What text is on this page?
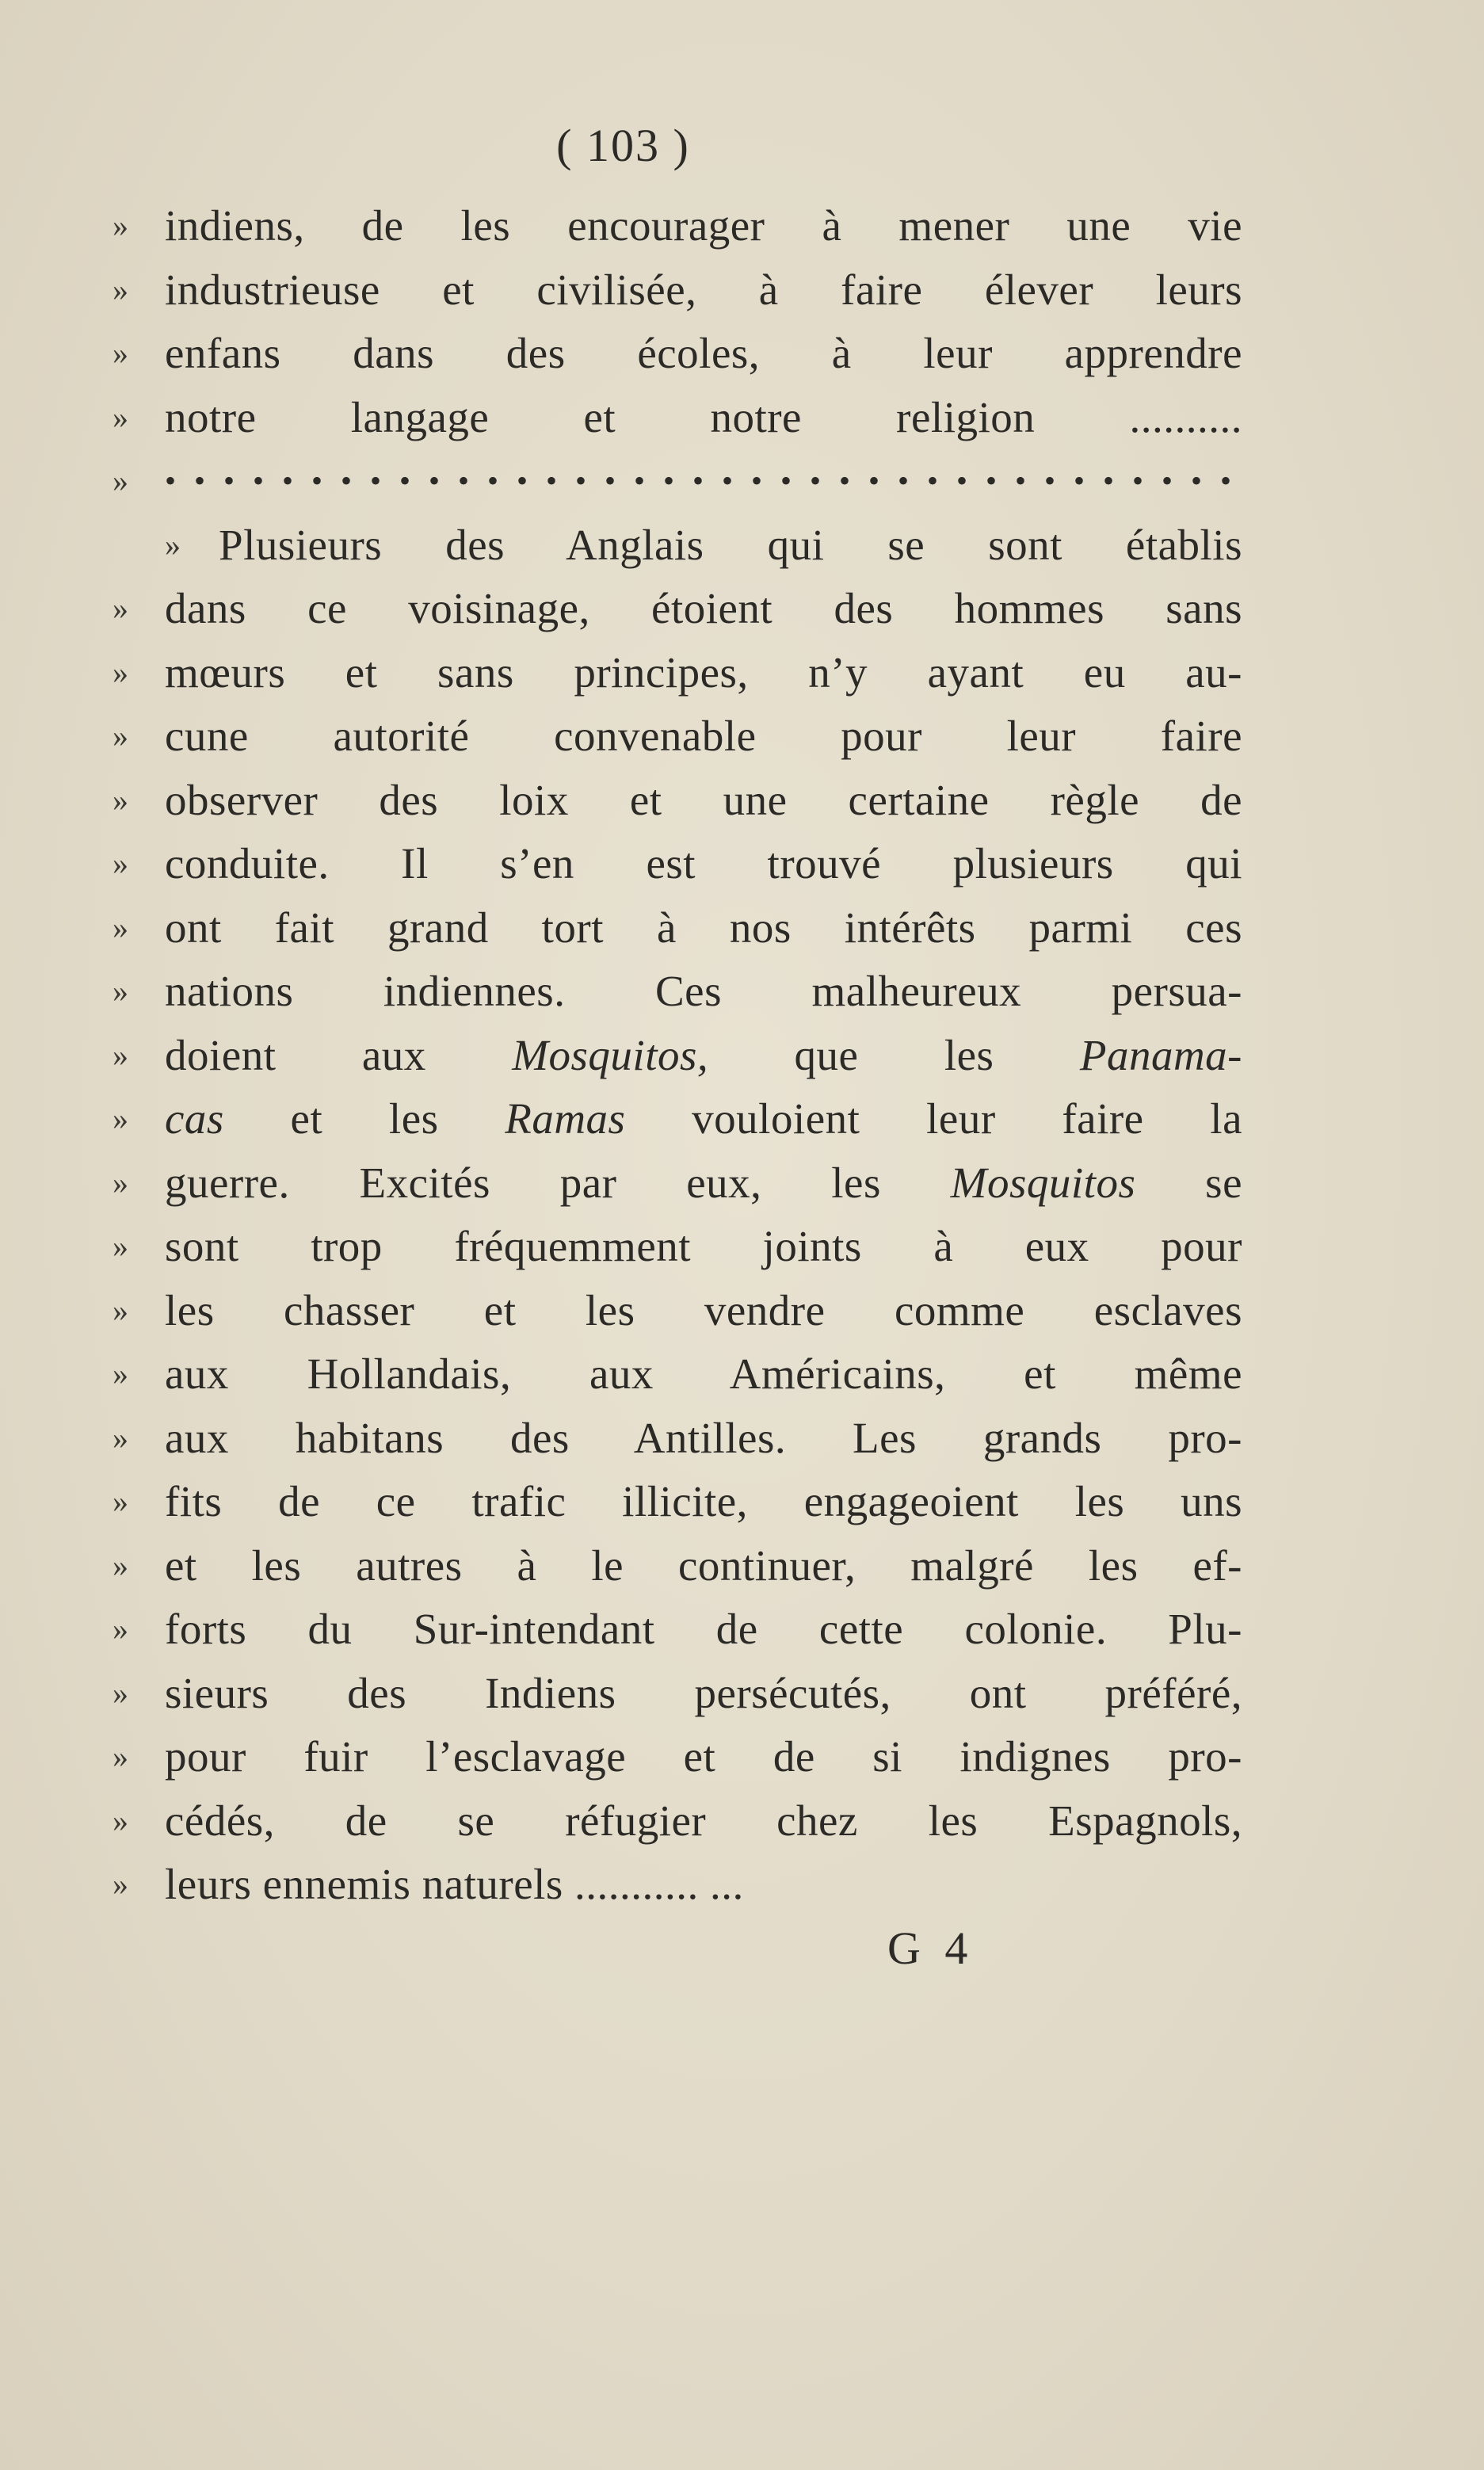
( 103 )
» indiens, de les encourager à mener une vie
» industrieuse et civilisée, à faire élever leurs
» enfans dans des écoles, à leur apprendre
» notre langage et notre religion ..........
»	• • • • • • • • • • • • • • • • • • • • • • • • • • • • • • • • • • • • •
» Plusieurs des Anglais qui se sont établis
» dans ce voisinage, étoient des hommes sans
» mœurs et sans principes, n’y ayant eu au-
» cune autorité convenable pour leur faire
» observer des loix et une certaine règle de
» conduite. Il s’en est trouvé plusieurs qui
» ont fait grand tort à nos intérêts parmi ces
» nations indiennes. Ces malheureux persua-
» doient aux Mosquitos, que les Panama-
» cas et les Ramas vouloient leur faire la
» guerre. Excités par eux, les Mosquitos se
» sont trop fréquemment joints à eux pour
» les chasser et les vendre comme esclaves
» aux Hollandais, aux Américains, et même
» aux habitans des Antilles. Les grands pro-
» fits de ce trafic illicite, engageoient les uns
» et les autres à le continuer, malgré les ef-
» forts du Sur-intendant de cette colonie. Plu-
» sieurs des Indiens persécutés, ont préféré,
» pour fuir l’esclavage et de si indignes pro-
» cédés, de se réfugier chez les Espagnols,
» leurs ennemis naturels ........... ...
G 4
